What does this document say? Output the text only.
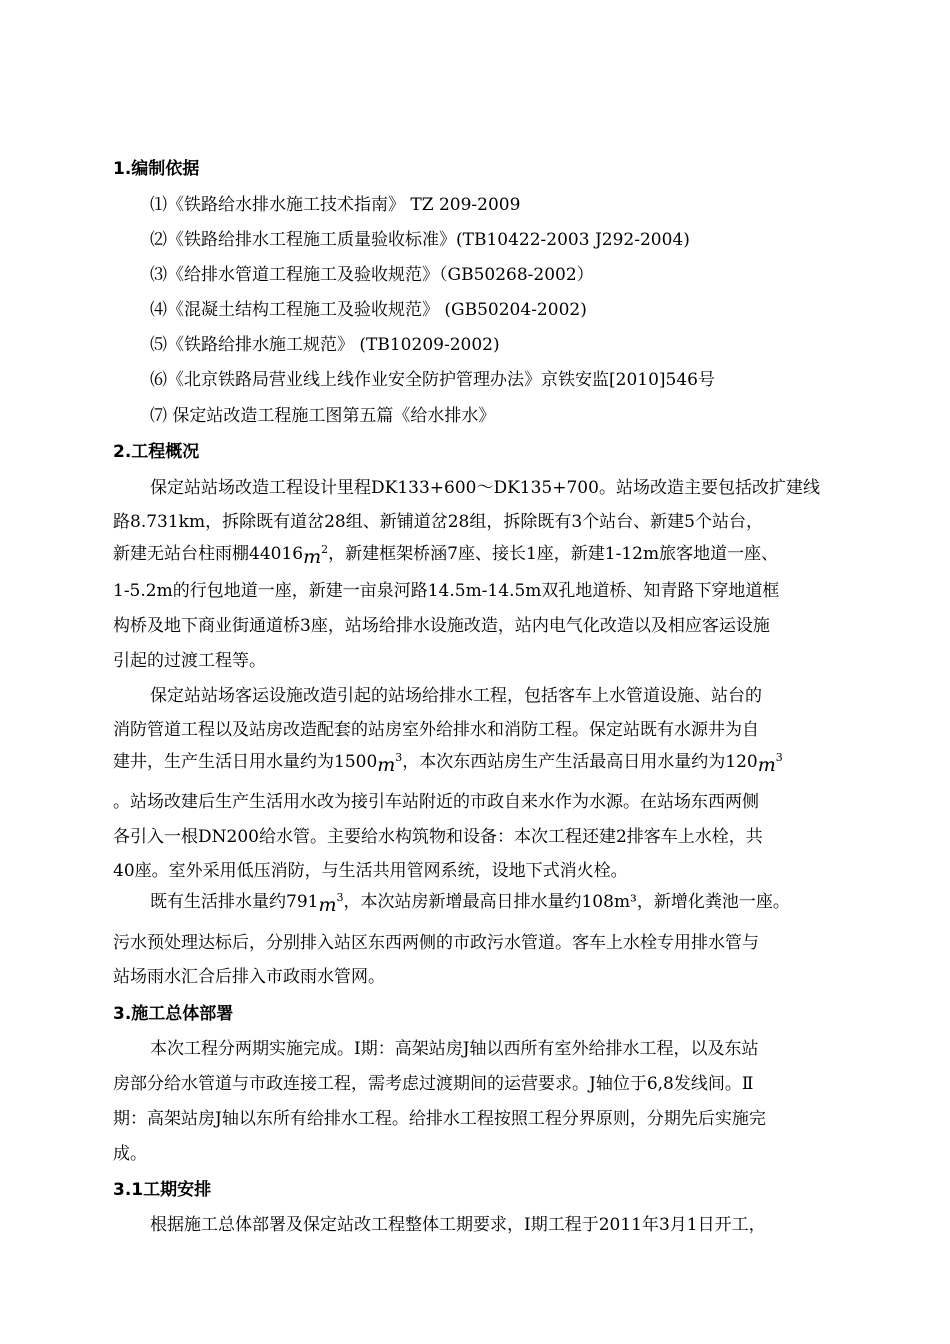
1.编制依据
⑴《铁路给水排水施工技术指南》 TZ 209-2009
⑵《铁路给排水工程施工质量验收标准》(TB10422-2003 J292-2004)
⑶《给排水管道工程施工及验收规范》（GB50268-2002）
⑷《混凝土结构工程施工及验收规范》 (GB50204-2002)
⑸《铁路给排水施工规范》 (TB10209-2002)
⑹《北京铁路局营业线上线作业安全防护管理办法》京铁安监[2010]546号
⑺ 保定站改造工程施工图第五篇《给水排水》
2.工程概况
保定站站场改造工程设计里程DK133+600～DK135+700。站场改造主要包括改扩建线
路8.731km，拆除既有道岔28组、新铺道岔28组，拆除既有3个站台、新建5个站台，
新建无站台柱雨棚$44016m^2$，新建框架桥涵7座、接长1座，新建1-12m旅客地道一座、
1-5.2m的行包地道一座，新建一亩泉河路14.5m-14.5m双孔地道桥、知青路下穿地道框
构桥及地下商业街通道桥3座，站场给排水设施改造，站内电气化改造以及相应客运设施
引起的过渡工程等。
保定站站场客运设施改造引起的站场给排水工程，包括客车上水管道设施、站台的
消防管道工程以及站房改造配套的站房室外给排水和消防工程。保定站既有水源井为自
建井，生产生活日用水量约为$1500m^3$，本次东西站房生产生活最高日用水量约为$120m^3$
。站场改建后生产生活用水改为接引车站附近的市政自来水作为水源。在站场东西两侧
各引入一根DN200给水管。主要给水构筑物和设备：本次工程还建2排客车上水栓，共
40座。室外采用低压消防，与生活共用管网系统，设地下式消火栓。
既有生活排水量约$791m^3$，本次站房新增最高日排水量约108m³，新增化粪池一座。
污水预处理达标后，分别排入站区东西两侧的市政污水管道。客车上水栓专用排水管与
站场雨水汇合后排入市政雨水管网。
3.施工总体部署
本次工程分两期实施完成。Ⅰ期：高架站房J轴以西所有室外给排水工程，以及东站
房部分给水管道与市政连接工程，需考虑过渡期间的运营要求。J轴位于6,8发线间。Ⅱ
期：高架站房J轴以东所有给排水工程。给排水工程按照工程分界原则，分期先后实施完
成。
3.1工期安排
根据施工总体部署及保定站改工程整体工期要求，Ⅰ期工程于2011年3月1日开工，
